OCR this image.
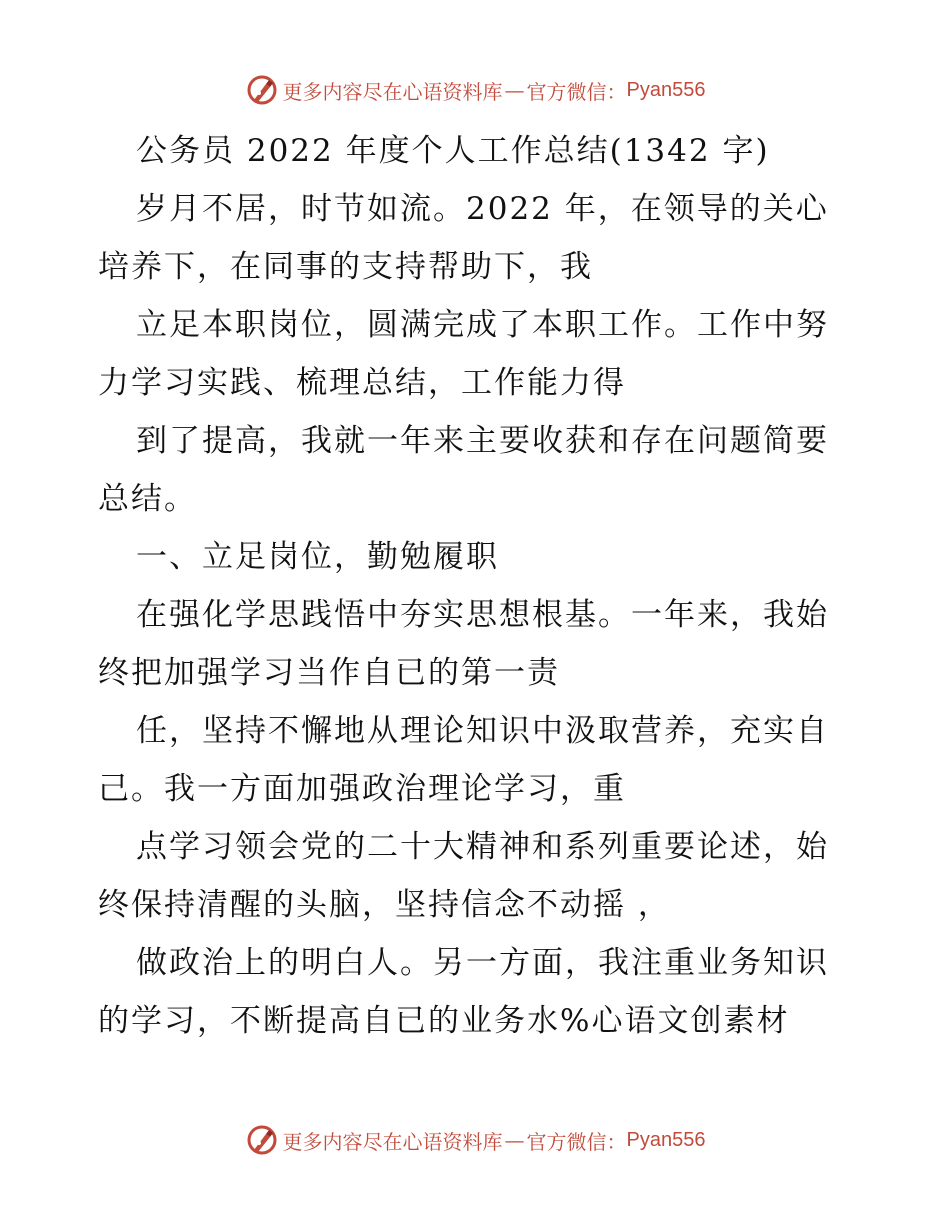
更多内容尽在心语资料库 — 官方微信： Pyan556
公务员 2022 年度个人工作总结(1342 字)
岁月不居，时节如流。2022 年，在领导的关心
培养下，在同事的支持帮助下，我
立足本职岗位，圆满完成了本职工作。工作中努
力学习实践、梳理总结，工作能力得
到了提高，我就一年来主要收获和存在问题简要
总结。
一、立足岗位，勤勉履职
在强化学思践悟中夯实思想根基。一年来，我始
终把加强学习当作自已的第一责
任，坚持不懈地从理论知识中汲取营养，充实自
己。我一方面加强政治理论学习，重
点学习领会党的二十大精神和系列重要论述，始
终保持清醒的头脑，坚持信念不动摇 ，
做政治上的明白人。另一方面，我注重业务知识
的学习，不断提高自已的业务水%心语文创素材
更多内容尽在心语资料库 — 官方微信： Pyan556
